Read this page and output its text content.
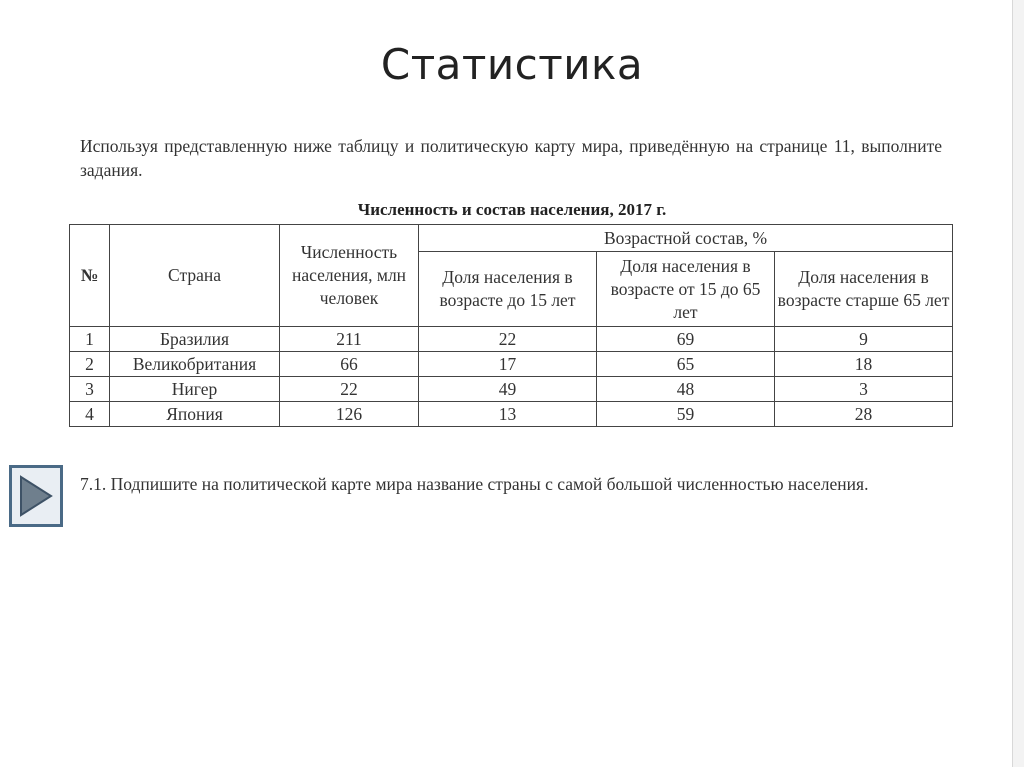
Статистика
Используя представленную ниже таблицу и политическую карту мира, приведённую на странице 11, выполните задания.
Численность и состав населения, 2017 г.
№	Страна	Численность населения, млн человек	Возрастной состав, %		
			Доля населения в возрасте до 15 лет	Доля населения в возрасте от 15 до 65 лет	Доля населения в возрасте старше 65 лет
1	Бразилия	211	22	69	9
2	Великобритания	66	17	65	18
3	Нигер	22	49	48	3
4	Япония	126	13	59	28
7.1. Подпишите на политической карте мира название страны с самой большой численностью населения.
